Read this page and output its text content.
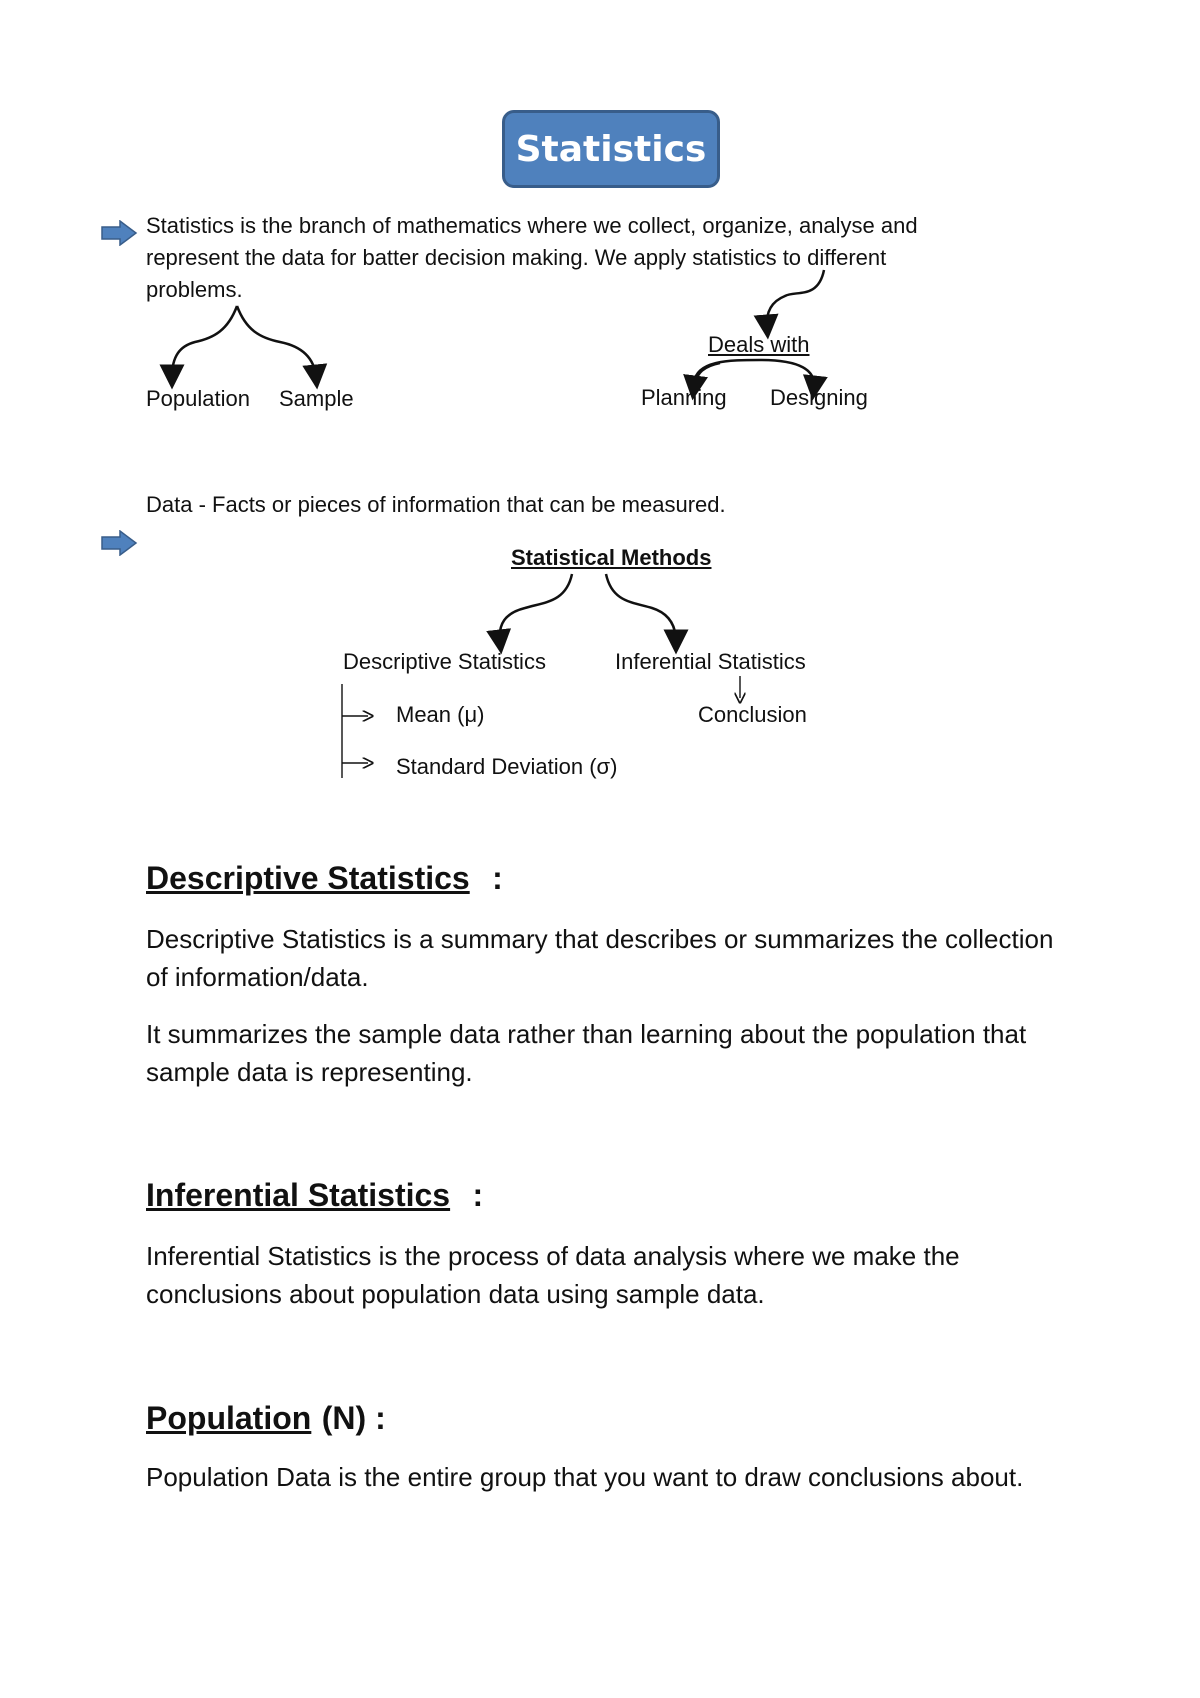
Statistics
Statistics is the branch of mathematics where we collect, organize, analyse and
represent the data for batter decision making. We apply statistics to different
problems.
Population Sample
Deals with
Planning Designing
Data - Facts or pieces of information that can be measured.
Statistical Methods
Descriptive Statistics	Inferential Statistics
Mean (μ)
Standard Deviation (σ)
Conclusion
Descriptive Statistics :
Descriptive Statistics is a summary that describes or summarizes the collection of information/data.
It summarizes the sample data rather than learning about the population that sample data is representing.
Inferential Statistics :
Inferential Statistics is the process of data analysis where we make the conclusions about population data using sample data.
Population (N) :
Population Data is the entire group that you want to draw conclusions about.
